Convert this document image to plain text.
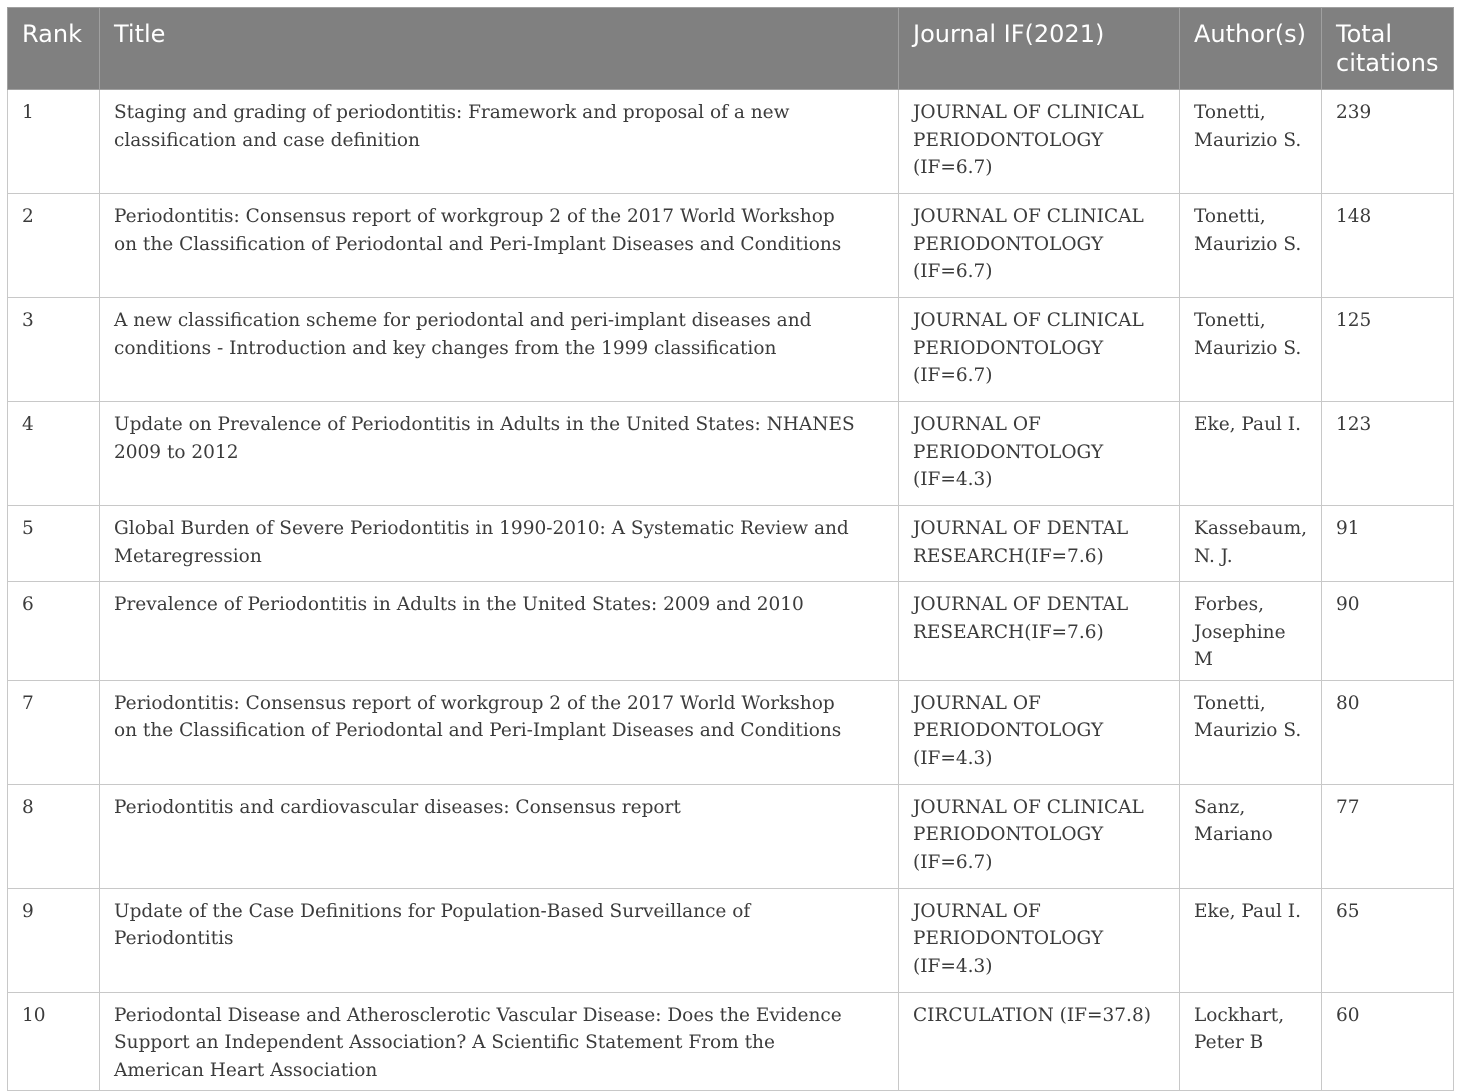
Rank	Title	Journal IF(2021)	Author(s)	Total citations
1	Staging and grading of periodontitis: Framework and proposal of a new classification and case definition	JOURNAL OF CLINICAL PERIODONTOLOGY (IF=6.7)	Tonetti, Maurizio S.	239
2	Periodontitis: Consensus report of workgroup 2 of the 2017 World Workshop on the Classification of Periodontal and Peri-Implant Diseases and Conditions	JOURNAL OF CLINICAL PERIODONTOLOGY (IF=6.7)	Tonetti, Maurizio S.	148
3	A new classification scheme for periodontal and peri-implant diseases and conditions - Introduction and key changes from the 1999 classification	JOURNAL OF CLINICAL PERIODONTOLOGY (IF=6.7)	Tonetti, Maurizio S.	125
4	Update on Prevalence of Periodontitis in Adults in the United States: NHANES 2009 to 2012	JOURNAL OF PERIODONTOLOGY (IF=4.3)	Eke, Paul I.	123
5	Global Burden of Severe Periodontitis in 1990-2010: A Systematic Review and Metaregression	JOURNAL OF DENTAL RESEARCH(IF=7.6)	Kassebaum, N. J.	91
6	Prevalence of Periodontitis in Adults in the United States: 2009 and 2010	JOURNAL OF DENTAL RESEARCH(IF=7.6)	Forbes, Josephine M	90
7	Periodontitis: Consensus report of workgroup 2 of the 2017 World Workshop on the Classification of Periodontal and Peri-Implant Diseases and Conditions	JOURNAL OF PERIODONTOLOGY (IF=4.3)	Tonetti, Maurizio S.	80
8	Periodontitis and cardiovascular diseases: Consensus report	JOURNAL OF CLINICAL PERIODONTOLOGY (IF=6.7)	Sanz, Mariano	77
9	Update of the Case Definitions for Population-Based Surveillance of Periodontitis	JOURNAL OF PERIODONTOLOGY (IF=4.3)	Eke, Paul I.	65
10	Periodontal Disease and Atherosclerotic Vascular Disease: Does the Evidence Support an Independent Association? A Scientific Statement From the American Heart Association	CIRCULATION (IF=37.8)	Lockhart, Peter B	60
